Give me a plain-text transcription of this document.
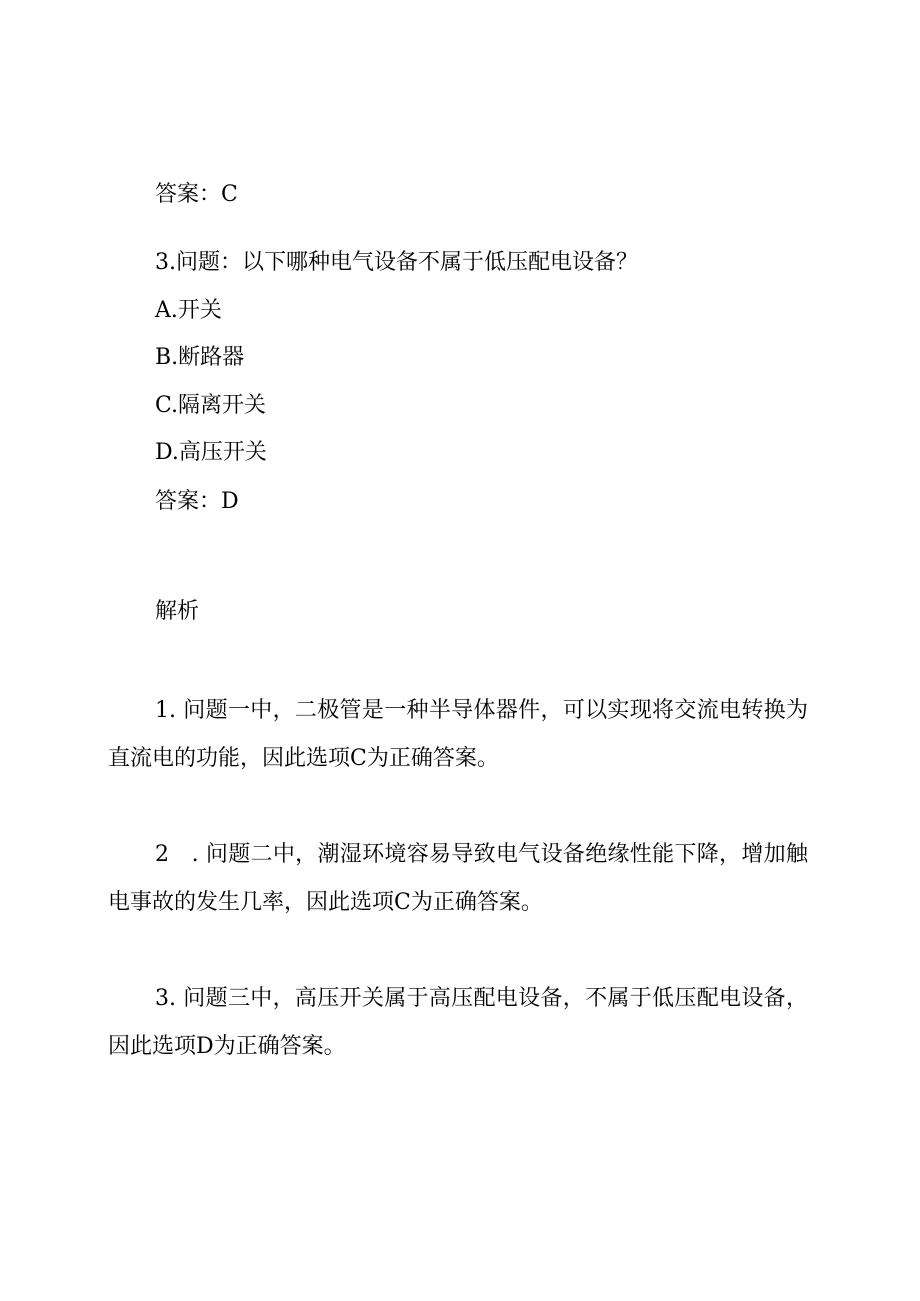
答案：C

3.问题：以下哪种电气设备不属于低压配电设备？

A.开关

B.断路器

C.隔离开关

D.高压开关

答案：D

解析

1. 问题一中，二极管是一种半导体器件，可以实现将交流电转换为直流电的功能，因此选项C为正确答案。

2　. 问题二中，潮湿环境容易导致电气设备绝缘性能下降，增加触电事故的发生几率，因此选项C为正确答案。

3. 问题三中，高压开关属于高压配电设备，不属于低压配电设备，因此选项D为正确答案。
